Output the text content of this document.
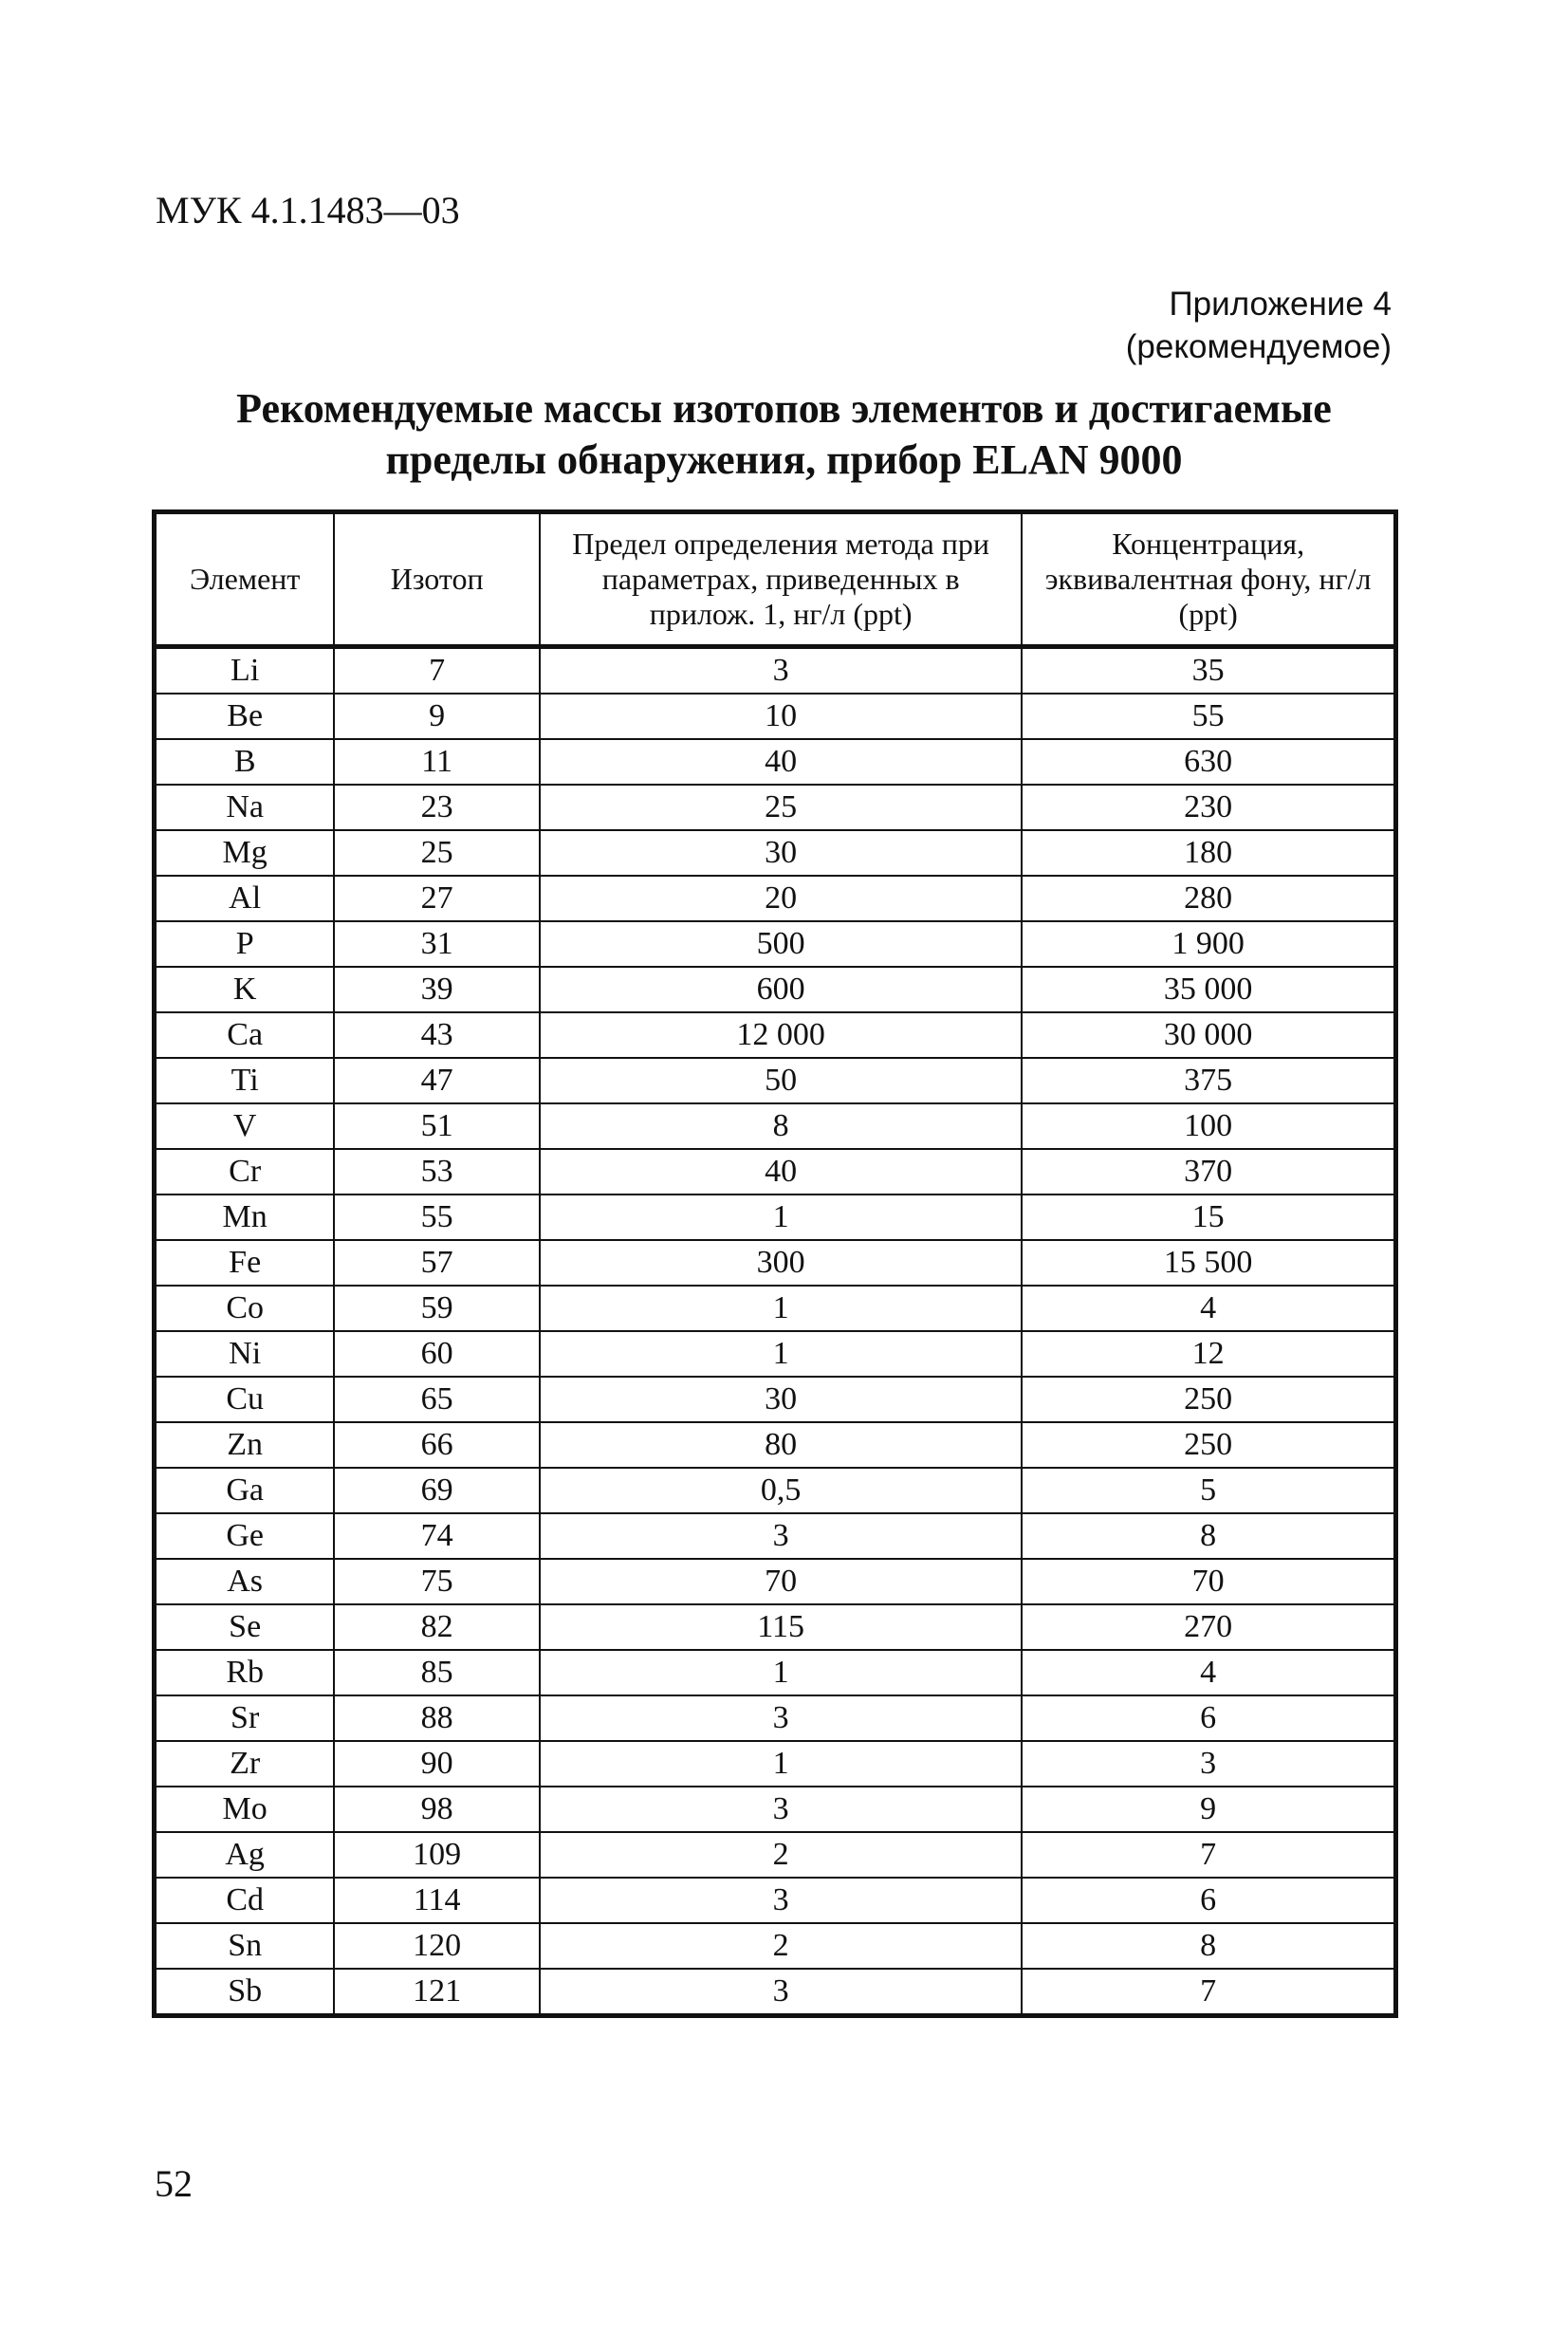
МУК 4.1.1483—03
Приложение 4
(рекомендуемое)
Рекомендуемые массы изотопов элементов и достигаемые
пределы обнаружения, прибор ELAN 9000
Элемент	Изотоп	Предел определения метода при параметрах, приведенных в прилож. 1, нг/л (ppt)	Концентрация, эквивалентная фону, нг/л (ppt)
Li	7	3	35
Be	9	10	55
B	11	40	630
Na	23	25	230
Mg	25	30	180
Al	27	20	280
P	31	500	1 900
K	39	600	35 000
Ca	43	12 000	30 000
Ti	47	50	375
V	51	8	100
Cr	53	40	370
Mn	55	1	15
Fe	57	300	15 500
Co	59	1	4
Ni	60	1	12
Cu	65	30	250
Zn	66	80	250
Ga	69	0,5	5
Ge	74	3	8
As	75	70	70
Se	82	115	270
Rb	85	1	4
Sr	88	3	6
Zr	90	1	3
Mo	98	3	9
Ag	109	2	7
Cd	114	3	6
Sn	120	2	8
Sb	121	3	7
52
